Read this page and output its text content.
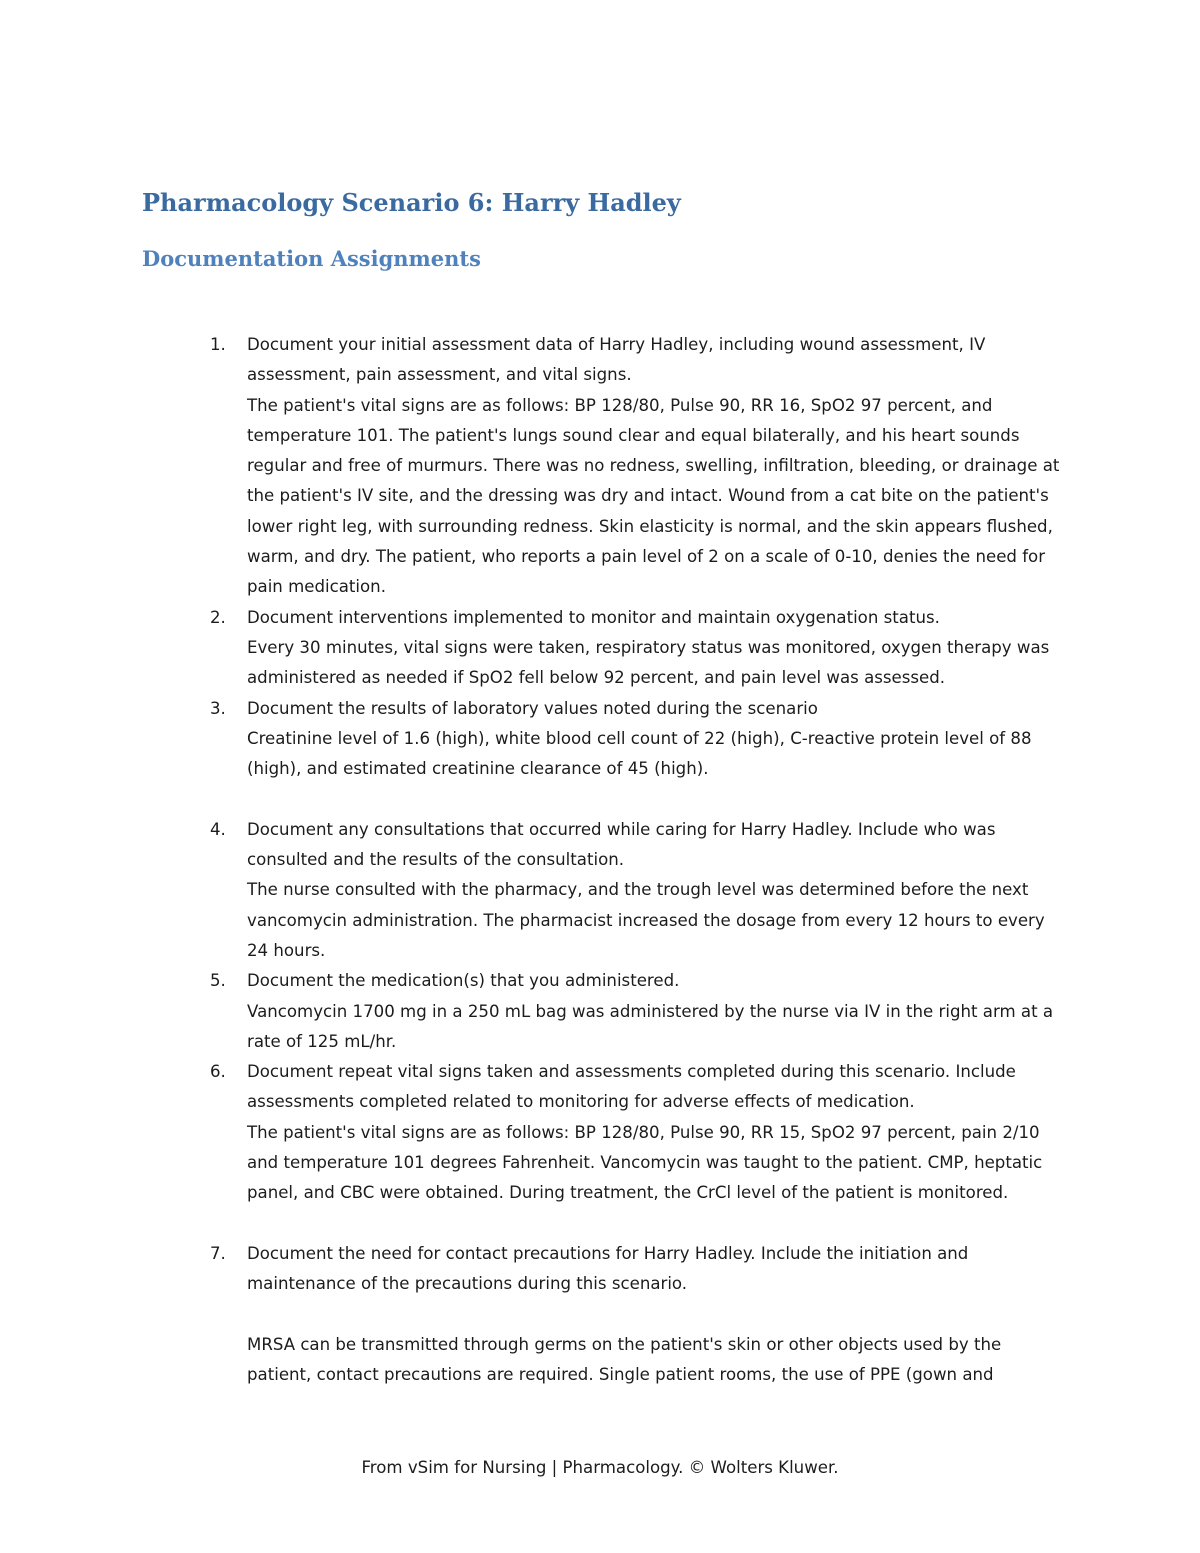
Pharmacology Scenario 6: Harry Hadley
Documentation Assignments
1. Document your initial assessment data of Harry Hadley, including wound assessment, IV assessment, pain assessment, and vital signs.

The patient's vital signs are as follows: BP 128/80, Pulse 90, RR 16, SpO2 97 percent, and temperature 101. The patient's lungs sound clear and equal bilaterally, and his heart sounds regular and free of murmurs. There was no redness, swelling, infiltration, bleeding, or drainage at the patient's IV site, and the dressing was dry and intact. Wound from a cat bite on the patient's lower right leg, with surrounding redness. Skin elasticity is normal, and the skin appears flushed, warm, and dry. The patient, who reports a pain level of 2 on a scale of 0-10, denies the need for pain medication.

2. Document interventions implemented to monitor and maintain oxygenation status.

Every 30 minutes, vital signs were taken, respiratory status was monitored, oxygen therapy was administered as needed if SpO2 fell below 92 percent, and pain level was assessed.

3. Document the results of laboratory values noted during the scenario

Creatinine level of 1.6 (high), white blood cell count of 22 (high), C-reactive protein level of 88 (high), and estimated creatinine clearance of 45 (high).

4. Document any consultations that occurred while caring for Harry Hadley. Include who was consulted and the results of the consultation.

The nurse consulted with the pharmacy, and the trough level was determined before the next vancomycin administration. The pharmacist increased the dosage from every 12 hours to every 24 hours.

5. Document the medication(s) that you administered.

Vancomycin 1700 mg in a 250 mL bag was administered by the nurse via IV in the right arm at a rate of 125 mL/hr.

6. Document repeat vital signs taken and assessments completed during this scenario. Include assessments completed related to monitoring for adverse effects of medication.

The patient's vital signs are as follows: BP 128/80, Pulse 90, RR 15, SpO2 97 percent, pain 2/10 and temperature 101 degrees Fahrenheit. Vancomycin was taught to the patient. CMP, heptatic panel, and CBC were obtained. During treatment, the CrCl level of the patient is monitored.

7. Document the need for contact precautions for Harry Hadley. Include the initiation and maintenance of the precautions during this scenario.

MRSA can be transmitted through germs on the patient's skin or other objects used by the patient, contact precautions are required. Single patient rooms, the use of PPE (gown and

From vSim for Nursing | Pharmacology. © Wolters Kluwer.
